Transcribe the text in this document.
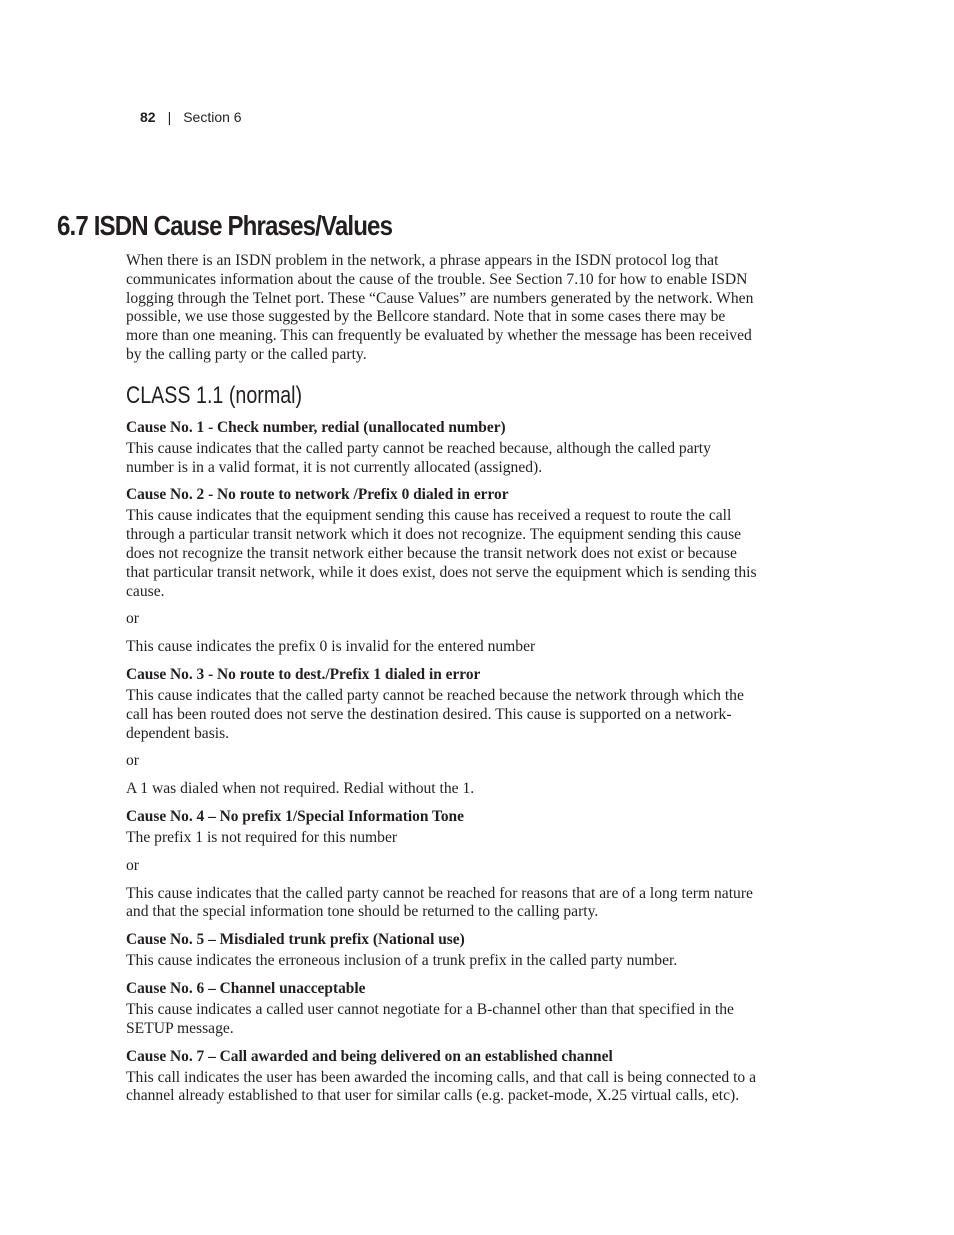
82 | Section 6
6.7 ISDN Cause Phrases/Values

When there is an ISDN problem in the network, a phrase appears in the ISDN protocol log that communicates information about the cause of the trouble. See Section 7.10 for how to enable ISDN logging through the Telnet port. These “Cause Values” are numbers generated by the network. When possible, we use those suggested by the Bellcore standard. Note that in some cases there may be more than one meaning. This can frequently be evaluated by whether the message has been received by the calling party or the called party.

CLASS 1.1 (normal)

Cause No. 1 - Check number, redial (unallocated number)

This cause indicates that the called party cannot be reached because, although the called party number is in a valid format, it is not currently allocated (assigned).

Cause No. 2 - No route to network /Prefix 0 dialed in error

This cause indicates that the equipment sending this cause has received a request to route the call through a particular transit network which it does not recognize. The equipment sending this cause does not recognize the transit network either because the transit network does not exist or because that particular transit network, while it does exist, does not serve the equipment which is sending this cause.

or

This cause indicates the prefix 0 is invalid for the entered number

Cause No. 3 - No route to dest./Prefix 1 dialed in error

This cause indicates that the called party cannot be reached because the network through which the call has been routed does not serve the destination desired. This cause is supported on a network-dependent basis.

or

A 1 was dialed when not required. Redial without the 1.

Cause No. 4 – No prefix 1/Special Information Tone

The prefix 1 is not required for this number

or

This cause indicates that the called party cannot be reached for reasons that are of a long term nature and that the special information tone should be returned to the calling party.

Cause No. 5 – Misdialed trunk prefix (National use)

This cause indicates the erroneous inclusion of a trunk prefix in the called party number.

Cause No. 6 – Channel unacceptable

This cause indicates a called user cannot negotiate for a B-channel other than that specified in the SETUP message.

Cause No. 7 – Call awarded and being delivered on an established channel

This call indicates the user has been awarded the incoming calls, and that call is being connected to a channel already established to that user for similar calls (e.g. packet-mode, X.25 virtual calls, etc).
